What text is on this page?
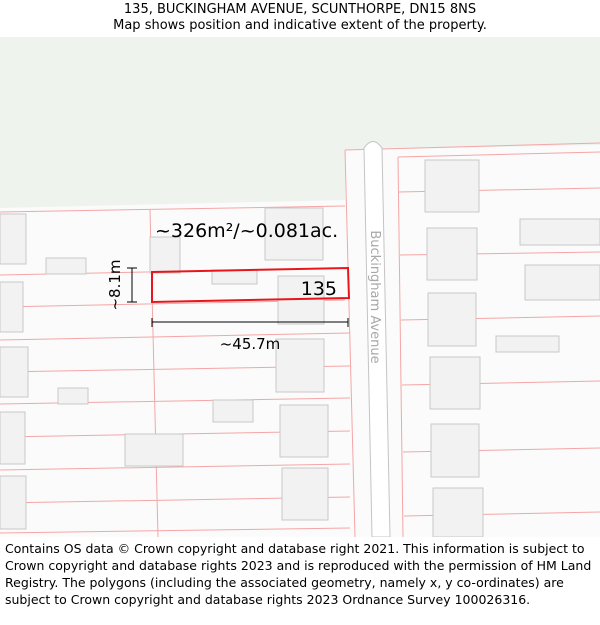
135, BUCKINGHAM AVENUE, SCUNTHORPE, DN15 8NS
Map shows position and indicative extent of the property.
~326m²/~0.081ac.
135
~45.7m
~8.1m	Buckingham Avenue
Contains OS data © Crown copyright and database right 2021. This information is subject to Crown copyright and database rights 2023 and is reproduced with the permission of HM Land Registry. The polygons (including the associated geometry, namely x, y co-ordinates) are subject to Crown copyright and database rights 2023 Ordnance Survey 100026316.
